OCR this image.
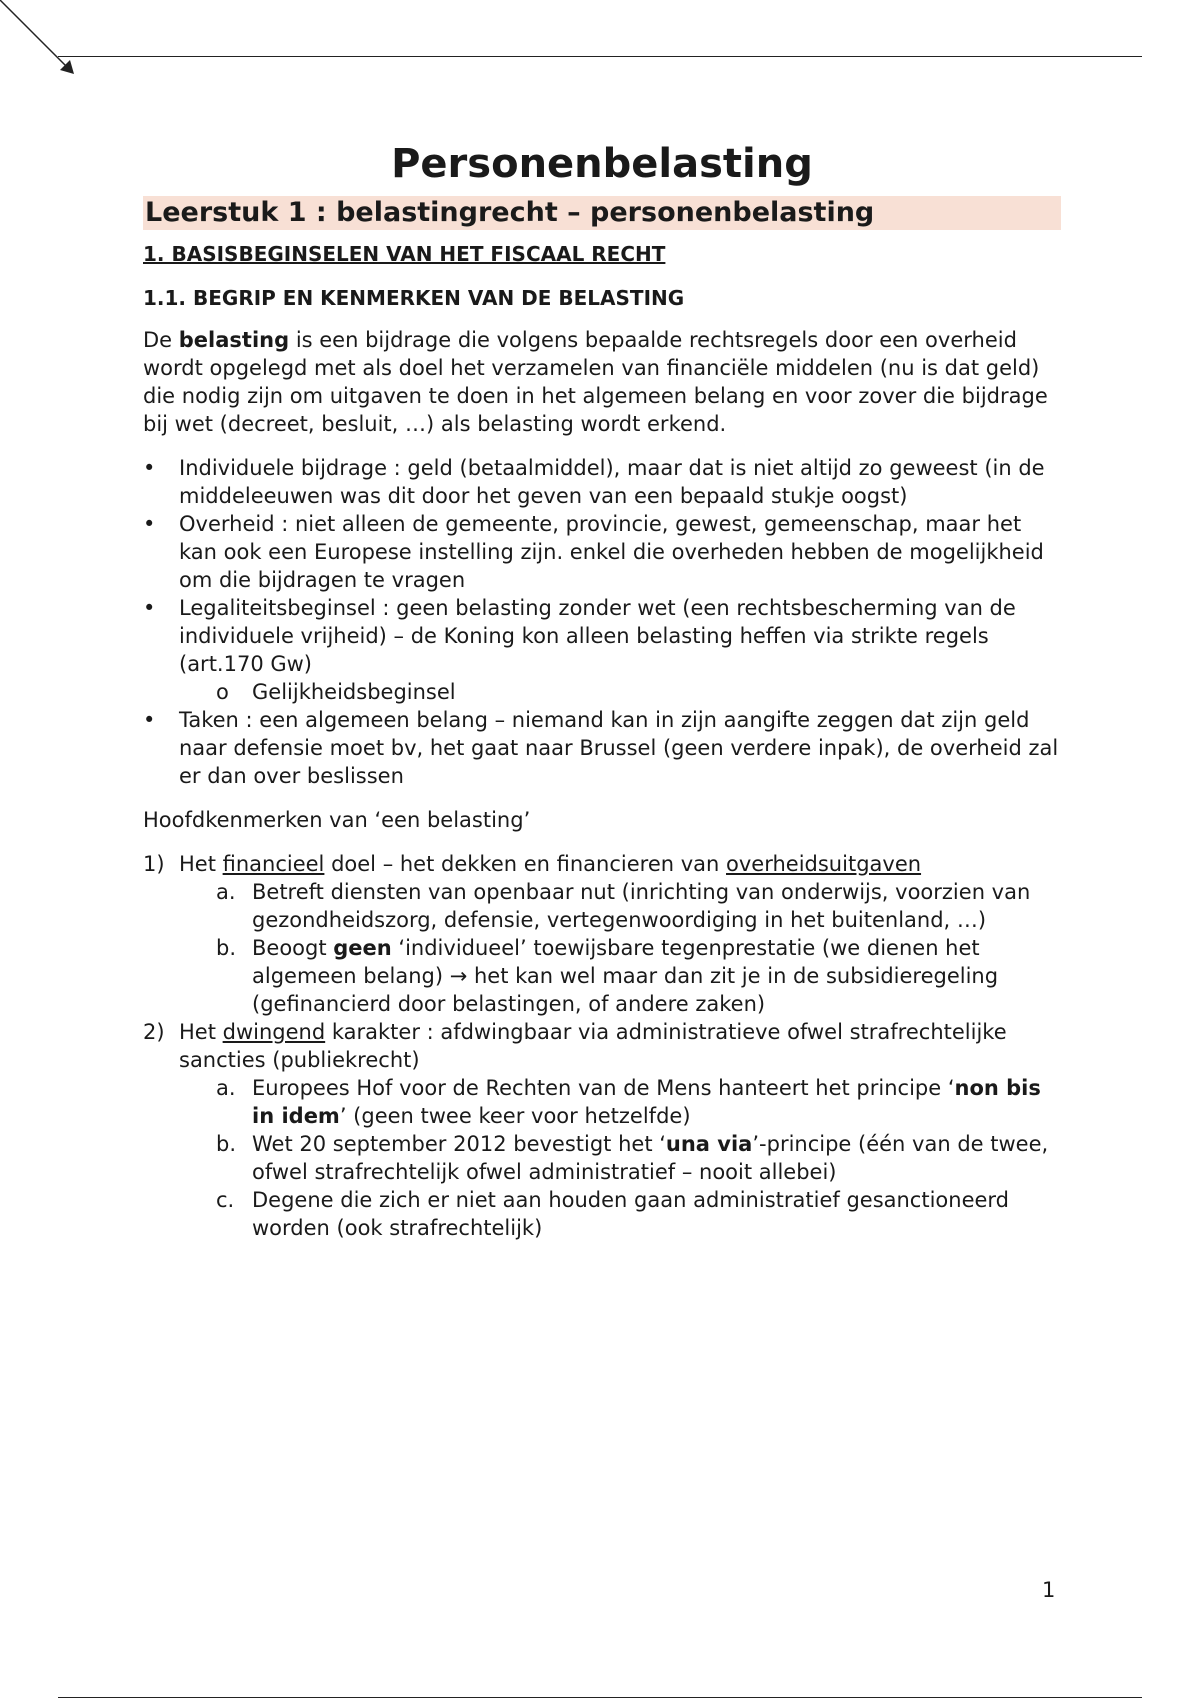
Personenbelasting
Leerstuk 1 : belastingrecht – personenbelasting
1. BASISBEGINSELEN VAN HET FISCAAL RECHT
1.1. BEGRIP EN KENMERKEN VAN DE BELASTING

De belasting is een bijdrage die volgens bepaalde rechtsregels door een overheid wordt opgelegd met als doel het verzamelen van financiële middelen (nu is dat geld) die nodig zijn om uitgaven te doen in het algemeen belang en voor zover die bijdrage bij wet (decreet, besluit, …) als belasting wordt erkend.

•	Individuele bijdrage : geld (betaalmiddel), maar dat is niet altijd zo geweest (in de middeleeuwen was dit door het geven van een bepaald stukje oogst)
•	Overheid : niet alleen de gemeente, provincie, gewest, gemeenschap, maar het kan ook een Europese instelling zijn. enkel die overheden hebben de mogelijkheid om die bijdragen te vragen
•	Legaliteitsbeginsel : geen belasting zonder wet (een rechtsbescherming van de individuele vrijheid) – de Koning kon alleen belasting heffen via strikte regels (art.170 Gw)
o Gelijkheidsbeginsel
•	Taken : een algemeen belang – niemand kan in zijn aangifte zeggen dat zijn geld naar defensie moet bv, het gaat naar Brussel (geen verdere inpak), de overheid zal er dan over beslissen

Hoofdkenmerken van ‘een belasting’

1) Het financieel doel – het dekken en financieren van overheidsuitgaven
a. Betreft diensten van openbaar nut (inrichting van onderwijs, voorzien van gezondheidszorg, defensie, vertegenwoordiging in het buitenland, …)
b. Beoogt geen ‘individueel’ toewijsbare tegenprestatie (we dienen het algemeen belang) → het kan wel maar dan zit je in de subsidieregeling (gefinancierd door belastingen, of andere zaken)
2) Het dwingend karakter : afdwingbaar via administratieve ofwel strafrechtelijke sancties (publiekrecht)
a. Europees Hof voor de Rechten van de Mens hanteert het principe ‘non bis in idem’ (geen twee keer voor hetzelfde)
b. Wet 20 september 2012 bevestigt het ‘una via’-principe (één van de twee, ofwel strafrechtelijk ofwel administratief – nooit allebei)
c. Degene die zich er niet aan houden gaan administratief gesanctioneerd worden (ook strafrechtelijk)
1
